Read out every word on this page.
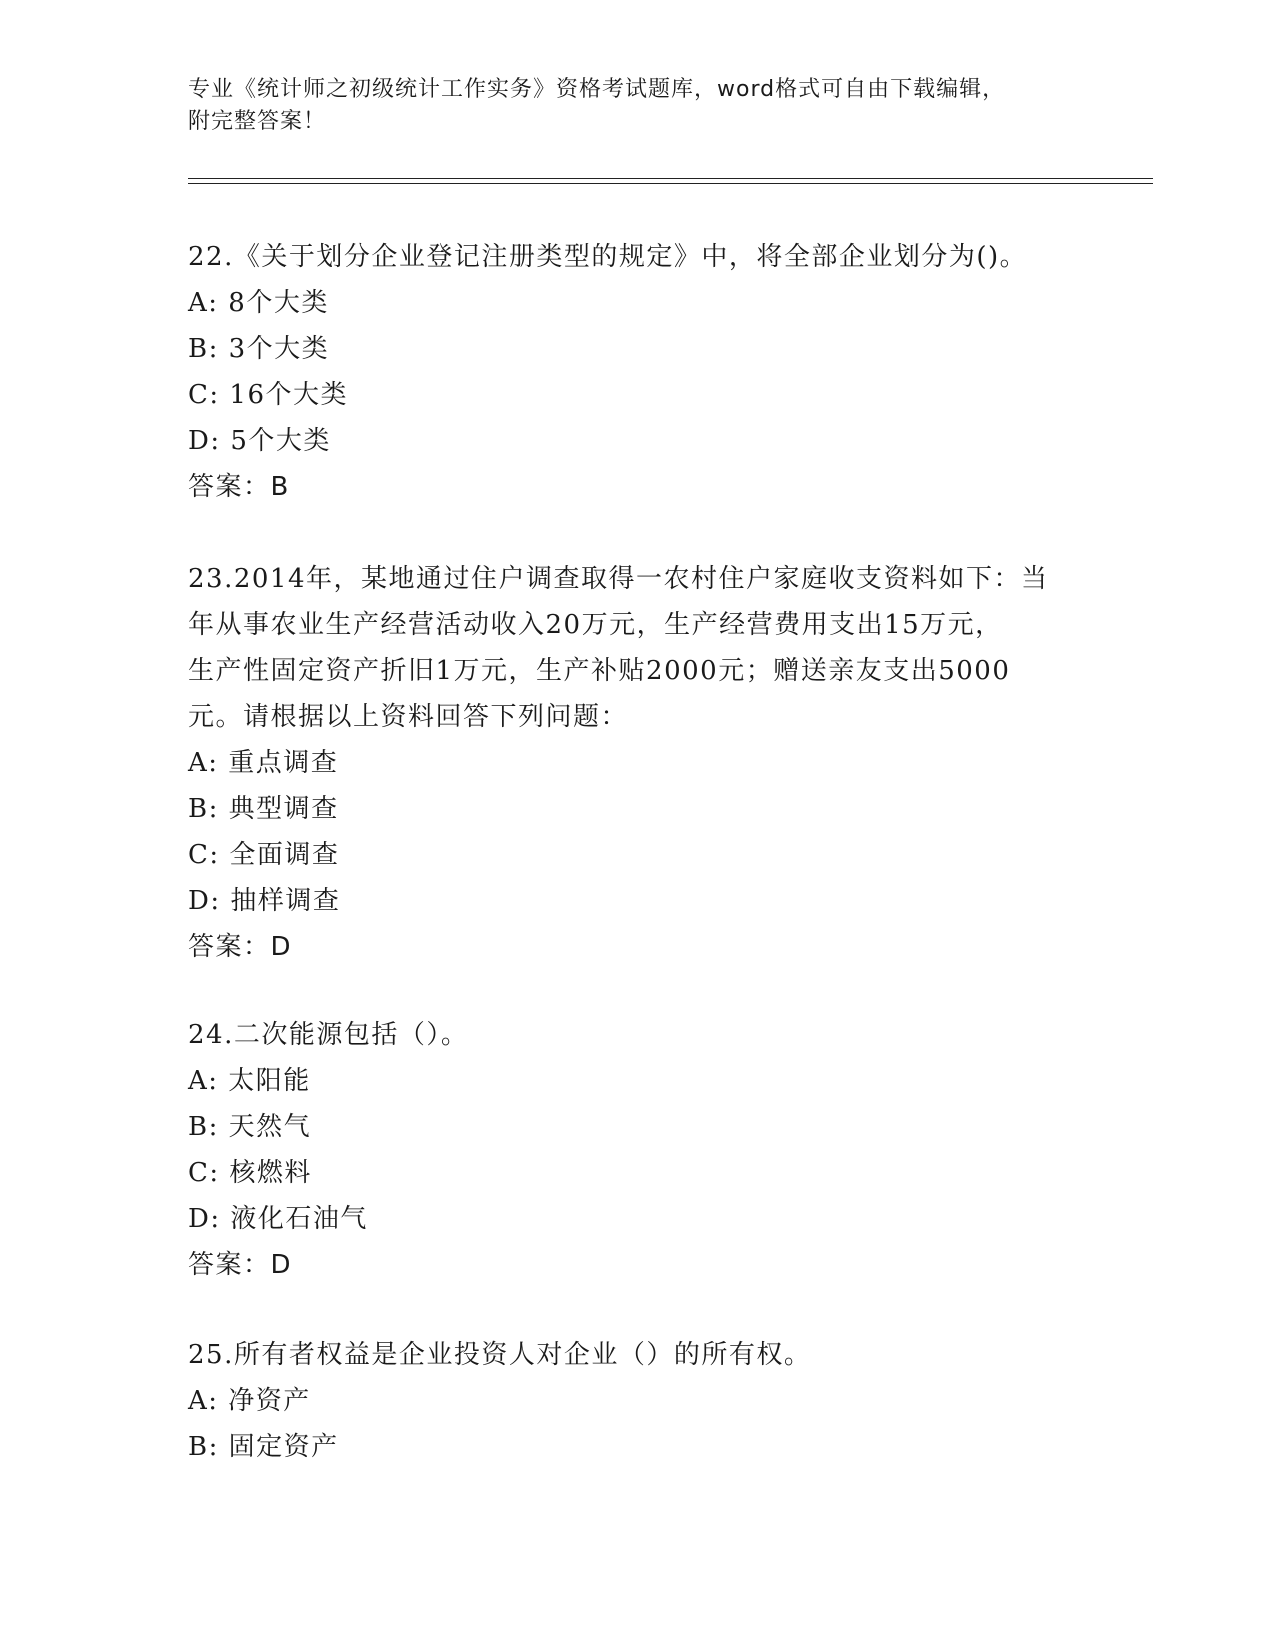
专业《统计师之初级统计工作实务》资格考试题库，word格式可自由下载编辑，
附完整答案！

22.《关于划分企业登记注册类型的规定》中，将全部企业划分为()。

A: 8个大类

B: 3个大类

C: 16个大类

D: 5个大类

答案：B

23.2014年，某地通过住户调查取得一农村住户家庭收支资料如下：当

年从事农业生产经营活动收入20万元，生产经营费用支出15万元，

生产性固定资产折旧1万元，生产补贴2000元；赠送亲友支出5000

元。请根据以上资料回答下列问题：

A: 重点调查

B: 典型调查

C: 全面调查

D: 抽样调查

答案：D

24.二次能源包括（）。

A: 太阳能

B: 天然气

C: 核燃料

D: 液化石油气

答案：D

25.所有者权益是企业投资人对企业（）的所有权。

A: 净资产

B: 固定资产
